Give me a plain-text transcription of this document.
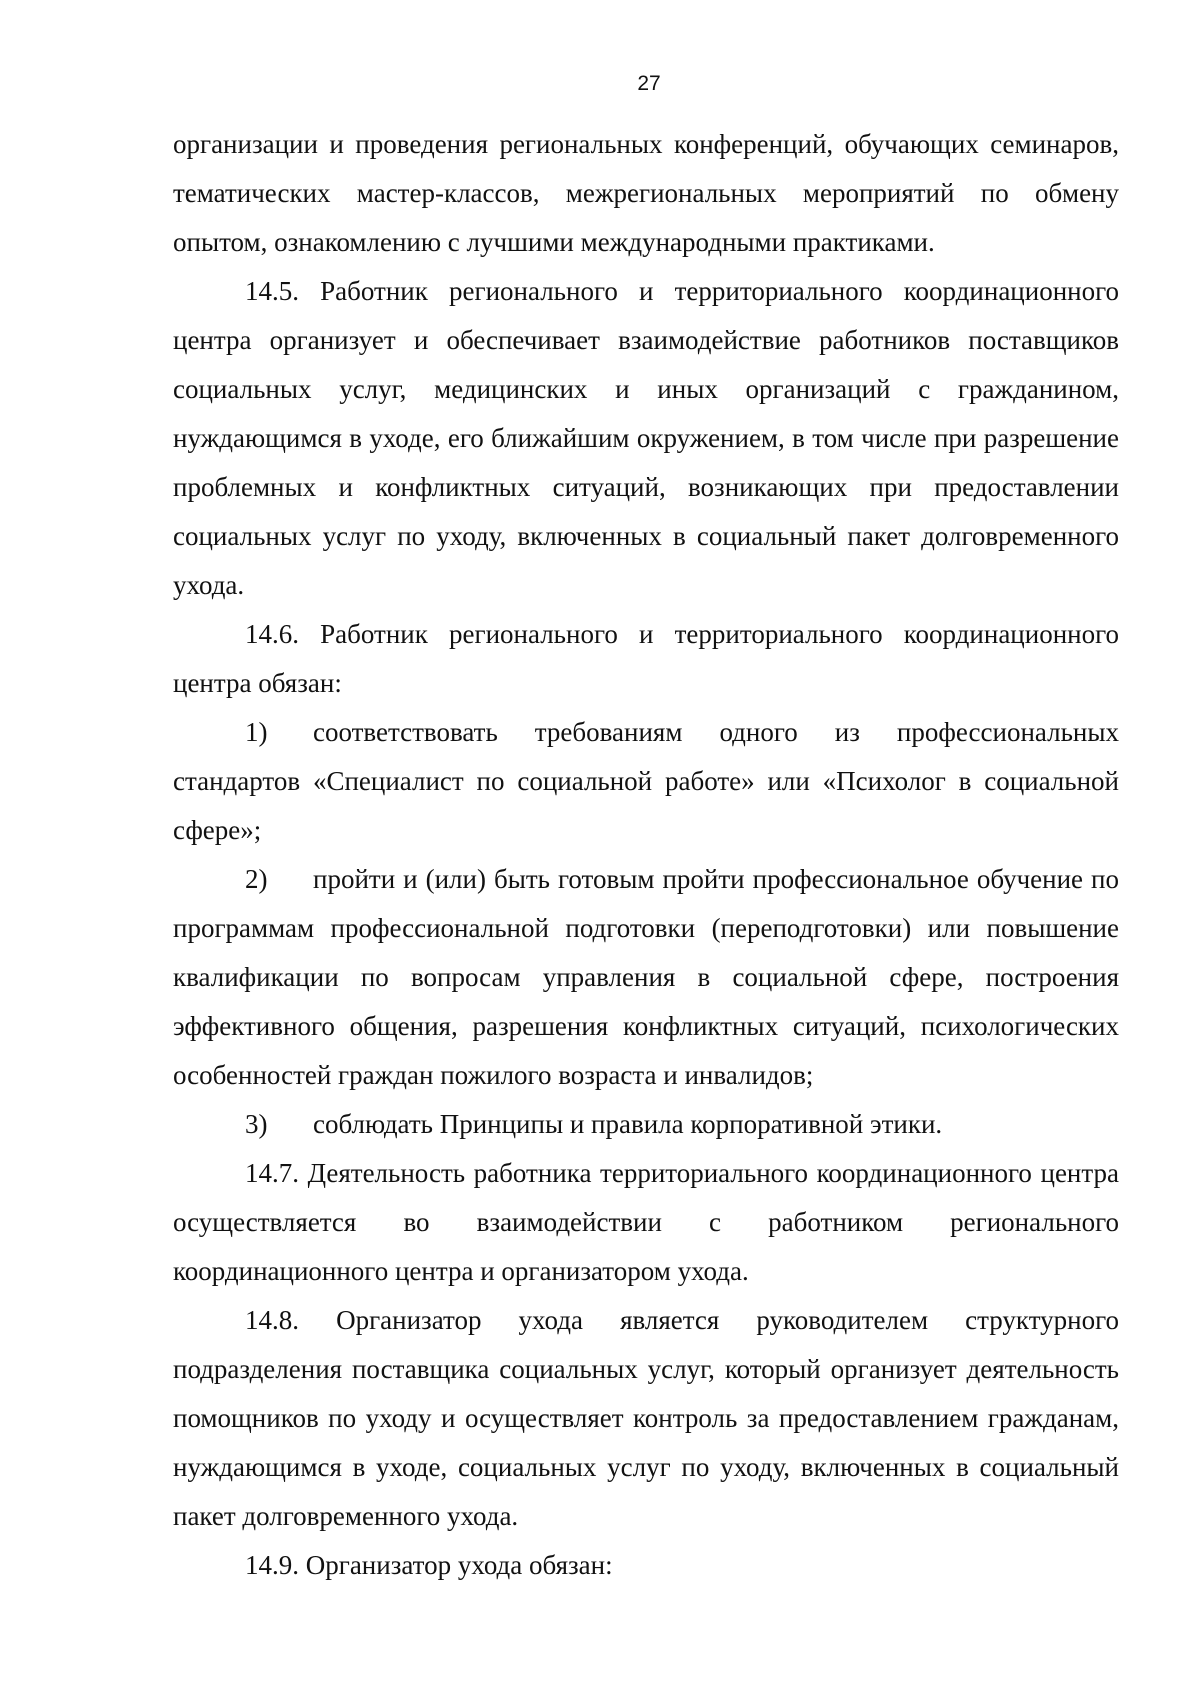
27

организации и проведения региональных конференций, обучающих семинаров, тематических мастер-классов, межрегиональных мероприятий по обмену опытом, ознакомлению с лучшими международными практиками.

14.5. Работник регионального и территориального координационного центра организует и обеспечивает взаимодействие работников поставщиков социальных услуг, медицинских и иных организаций с гражданином, нуждающимся в уходе, его ближайшим окружением, в том числе при разрешение проблемных и конфликтных ситуаций, возникающих при предоставлении социальных услуг по уходу, включенных в социальный пакет долговременного ухода.

14.6. Работник регионального и территориального координационного центра обязан:

1) соответствовать требованиям одного из профессиональных стандартов «Специалист по социальной работе» или «Психолог в социальной сфере»;

2) пройти и (или) быть готовым пройти профессиональное обучение по программам профессиональной подготовки (переподготовки) или повышение квалификации по вопросам управления в социальной сфере, построения эффективного общения, разрешения конфликтных ситуаций, психологических особенностей граждан пожилого возраста и инвалидов;

3) соблюдать Принципы и правила корпоративной этики.

14.7. Деятельность работника территориального координационного центра осуществляется во взаимодействии с работником регионального координационного центра и организатором ухода.

14.8. Организатор ухода является руководителем структурного подразделения поставщика социальных услуг, который организует деятельность помощников по уходу и осуществляет контроль за предоставлением гражданам, нуждающимся в уходе, социальных услуг по уходу, включенных в социальный пакет долговременного ухода.

14.9. Организатор ухода обязан:
